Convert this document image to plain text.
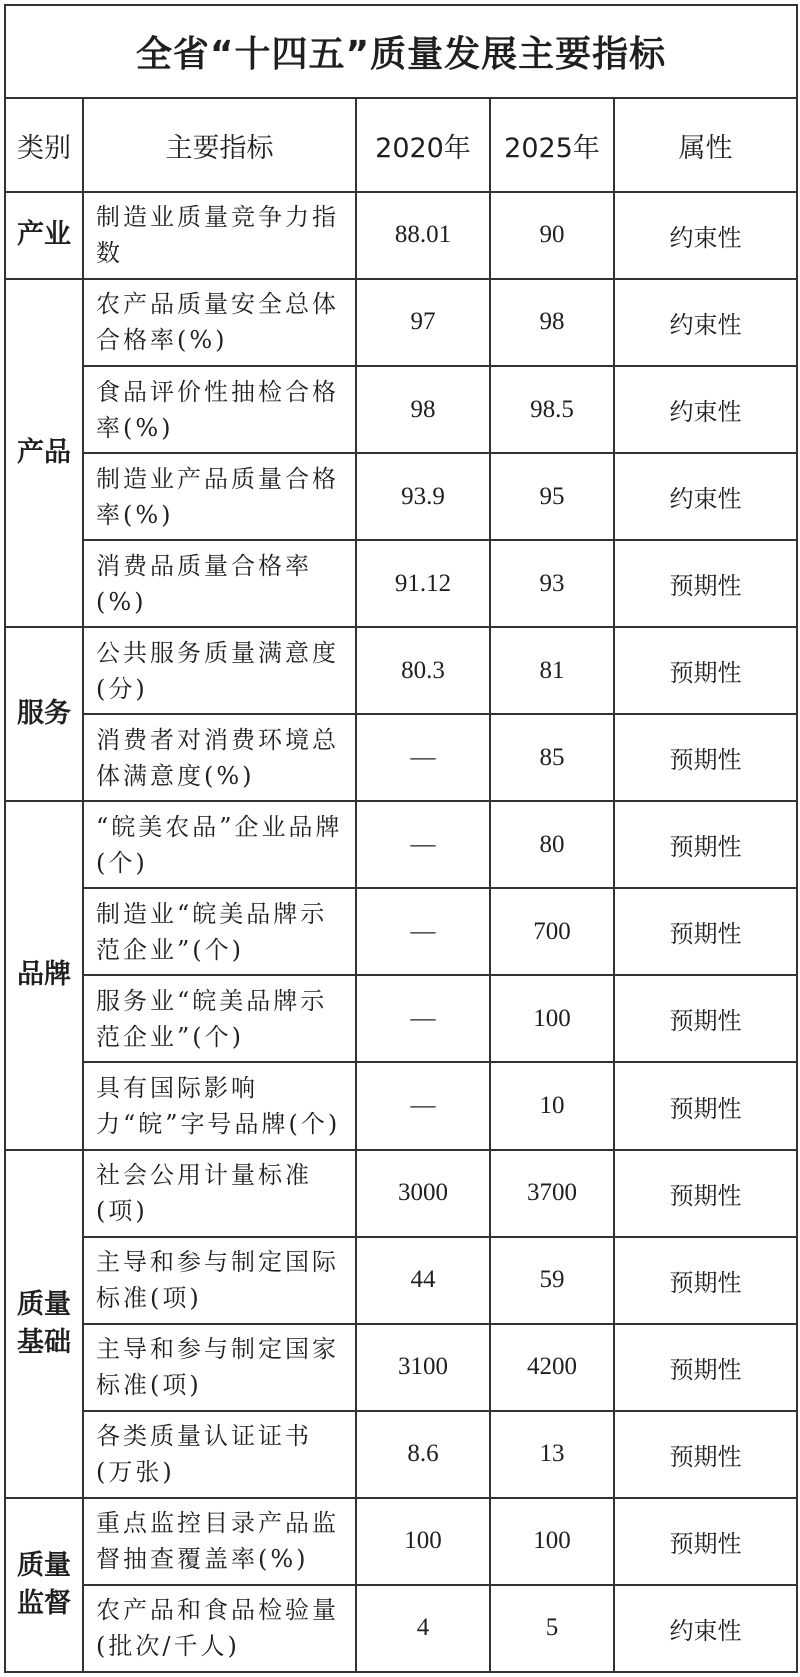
全省“十四五”质量发展主要指标				
类别	主要指标	2020年	2025年	属性
产业	制造业质量竞争力指数	88.01	90	约束性
产品	农产品质量安全总体合格率(%)	97	98	约束性
	食品评价性抽检合格率(%)	98	98.5	约束性
	制造业产品质量合格率(%)	93.9	95	约束性
	消费品质量合格率(%)	91.12	93	预期性
服务	公共服务质量满意度(分)	80.3	81	预期性
	消费者对消费环境总体满意度(%)	—	85	预期性
品牌	“皖美农品”企业品牌(个)	—	80	预期性
	制造业“皖美品牌示范企业”(个)	—	700	预期性
	服务业“皖美品牌示范企业”(个)	—	100	预期性
	具有国际影响力“皖”字号品牌(个)	—	10	预期性
质量基础	社会公用计量标准(项)	3000	3700	预期性
	主导和参与制定国际标准(项)	44	59	预期性
	主导和参与制定国家标准(项)	3100	4200	预期性
	各类质量认证证书(万张)	8.6	13	预期性
质量监督	重点监控目录产品监督抽查覆盖率(%)	100	100	预期性
	农产品和食品检验量(批次/千人)	4	5	约束性
